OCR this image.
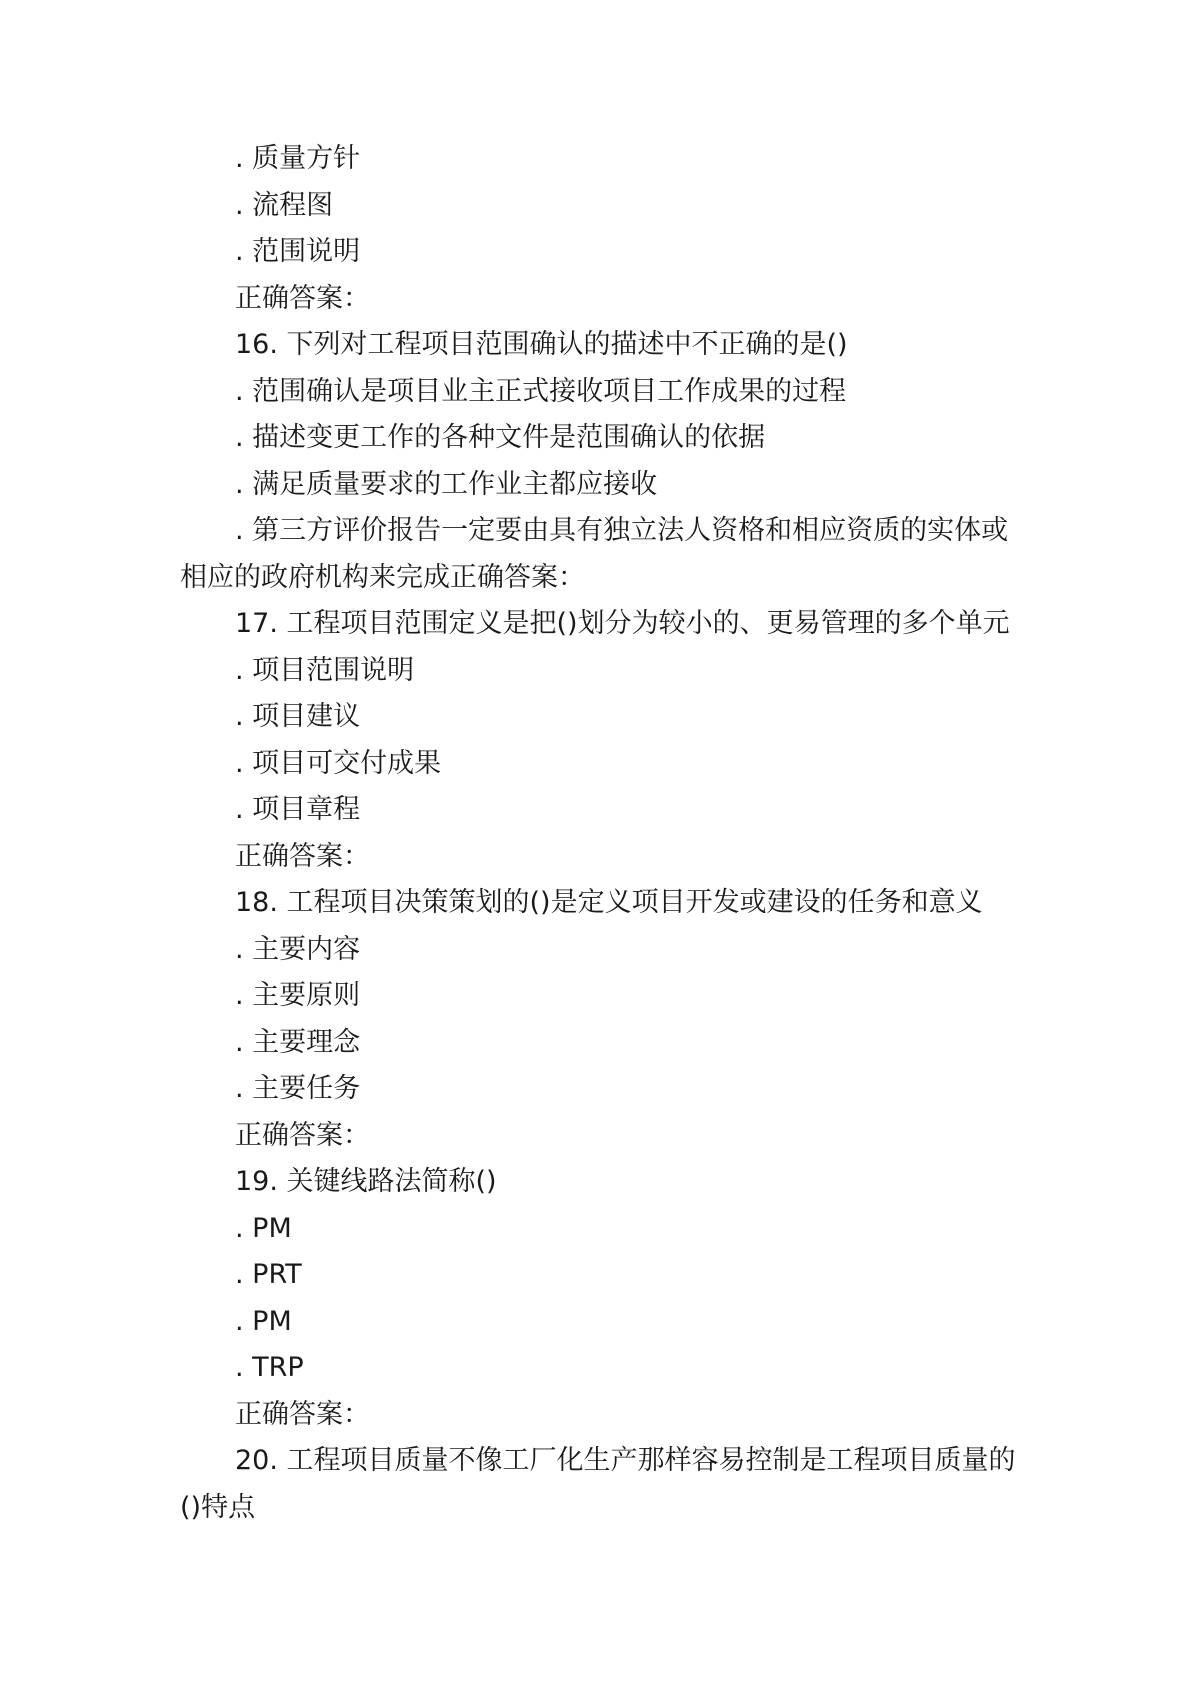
. 质量方针

. 流程图

. 范围说明

正确答案：

16. 下列对工程项目范围确认的描述中不正确的是()

. 范围确认是项目业主正式接收项目工作成果的过程

. 描述变更工作的各种文件是范围确认的依据

. 满足质量要求的工作业主都应接收

. 第三方评价报告一定要由具有独立法人资格和相应资质的实体或相应的政府机构来完成正确答案：

17. 工程项目范围定义是把()划分为较小的、更易管理的多个单元

. 项目范围说明

. 项目建议

. 项目可交付成果

. 项目章程

正确答案：

18. 工程项目决策策划的()是定义项目开发或建设的任务和意义

. 主要内容

. 主要原则

. 主要理念

. 主要任务

正确答案：

19. 关键线路法简称()

. PM

. PRT

. PM

. TRP

正确答案：

20. 工程项目质量不像工厂化生产那样容易控制是工程项目质量的()特点
